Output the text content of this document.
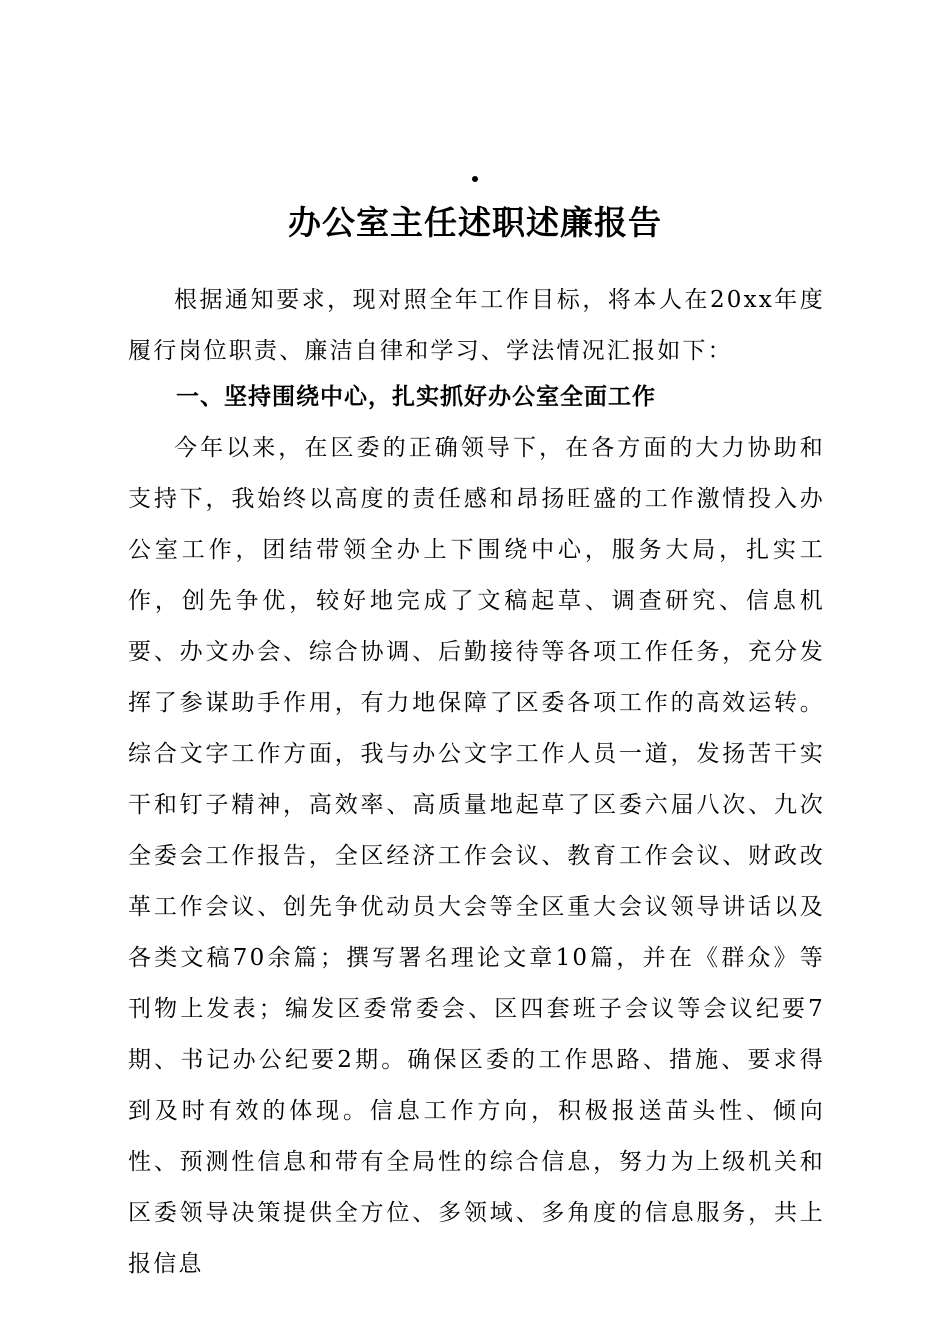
办公室主任述职述廉报告
根据通知要求，现对照全年工作目标，将本人在20xx年度履行岗位职责、廉洁自律和学习、学法情况汇报如下：
一、坚持围绕中心，扎实抓好办公室全面工作
今年以来，在区委的正确领导下，在各方面的大力协助和支持下，我始终以高度的责任感和昂扬旺盛的工作激情投入办公室工作，团结带领全办上下围绕中心，服务大局，扎实工作，创先争优，较好地完成了文稿起草、调查研究、信息机要、办文办会、综合协调、后勤接待等各项工作任务，充分发挥了参谋助手作用，有力地保障了区委各项工作的高效运转。综合文字工作方面，我与办公文字工作人员一道，发扬苦干实干和钉子精神，高效率、高质量地起草了区委六届八次、九次全委会工作报告，全区经济工作会议、教育工作会议、财政改革工作会议、创先争优动员大会等全区重大会议领导讲话以及各类文稿70余篇；撰写署名理论文章10篇，并在《群众》等刊物上发表；编发区委常委会、区四套班子会议等会议纪要7期、书记办公纪要2期。确保区委的工作思路、措施、要求得到及时有效的体现。信息工作方向，积极报送苗头性、倾向性、预测性信息和带有全局性的综合信息，努力为上级机关和区委领导决策提供全方位、多领域、多角度的信息服务，共上报信息
